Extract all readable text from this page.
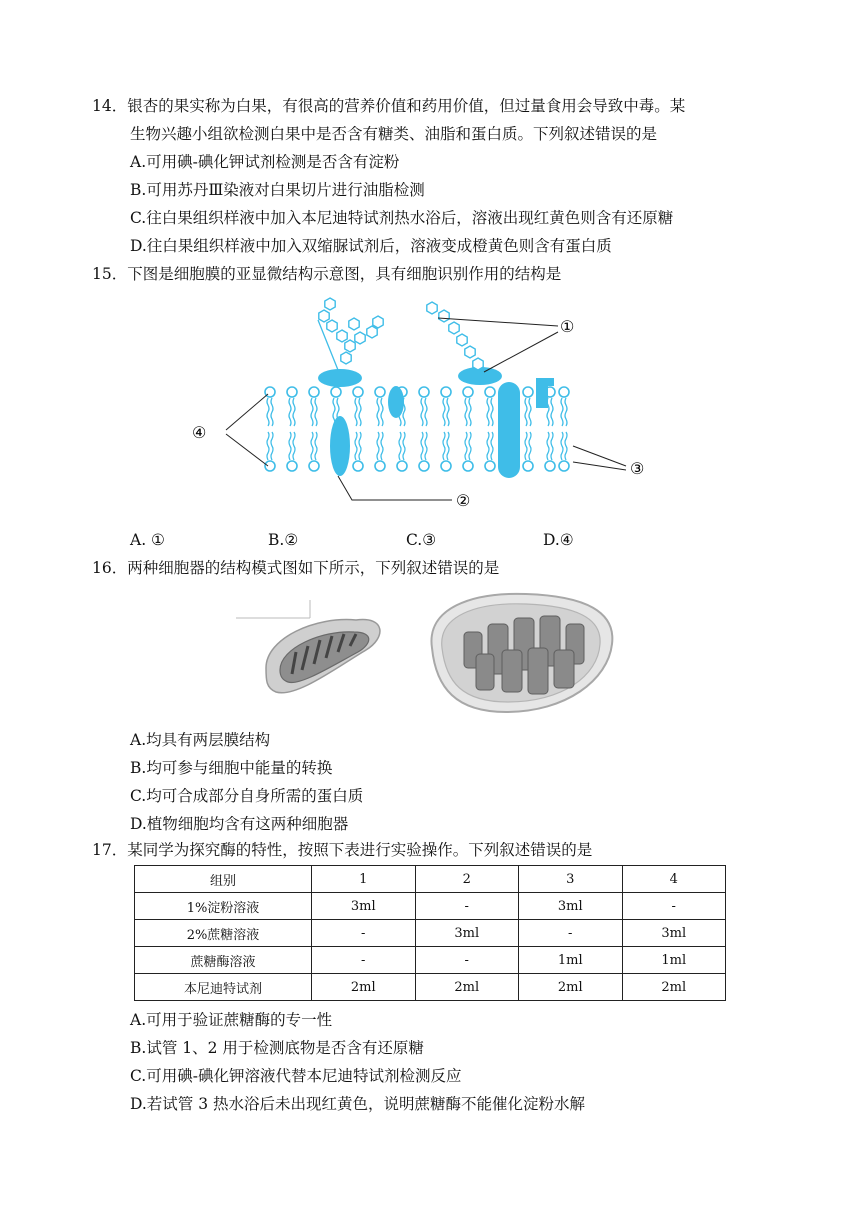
14．银杏的果实称为白果，有很高的营养价值和药用价值，但过量食用会导致中毒。某
生物兴趣小组欲检测白果中是否含有糖类、油脂和蛋白质。下列叙述错误的是
A.可用碘-碘化钾试剂检测是否含有淀粉
B.可用苏丹Ⅲ染液对白果切片进行油脂检测
C.往白果组织样液中加入本尼迪特试剂热水浴后，溶液出现红黄色则含有还原糖
D.往白果组织样液中加入双缩脲试剂后，溶液变成橙黄色则含有蛋白质
15．下图是细胞膜的亚显微结构示意图，具有细胞识别作用的结构是
①
②
③
④
A. ①	B.②	C.③	D.④
16．两种细胞器的结构模式图如下所示，下列叙述错误的是
A.均具有两层膜结构
B.均可参与细胞中能量的转换
C.均可合成部分自身所需的蛋白质
D.植物细胞均含有这两种细胞器
17．某同学为探究酶的特性，按照下表进行实验操作。下列叙述错误的是
组别	1	2	3	4
1%淀粉溶液	3ml	-	3ml	-
2%蔗糖溶液	-	3ml	-	3ml
蔗糖酶溶液	-	-	1ml	1ml
本尼迪特试剂	2ml	2ml	2ml	2ml
A.可用于验证蔗糖酶的专一性
B.试管 1、2 用于检测底物是否含有还原糖
C.可用碘-碘化钾溶液代替本尼迪特试剂检测反应
D.若试管 3 热水浴后未出现红黄色，说明蔗糖酶不能催化淀粉水解
